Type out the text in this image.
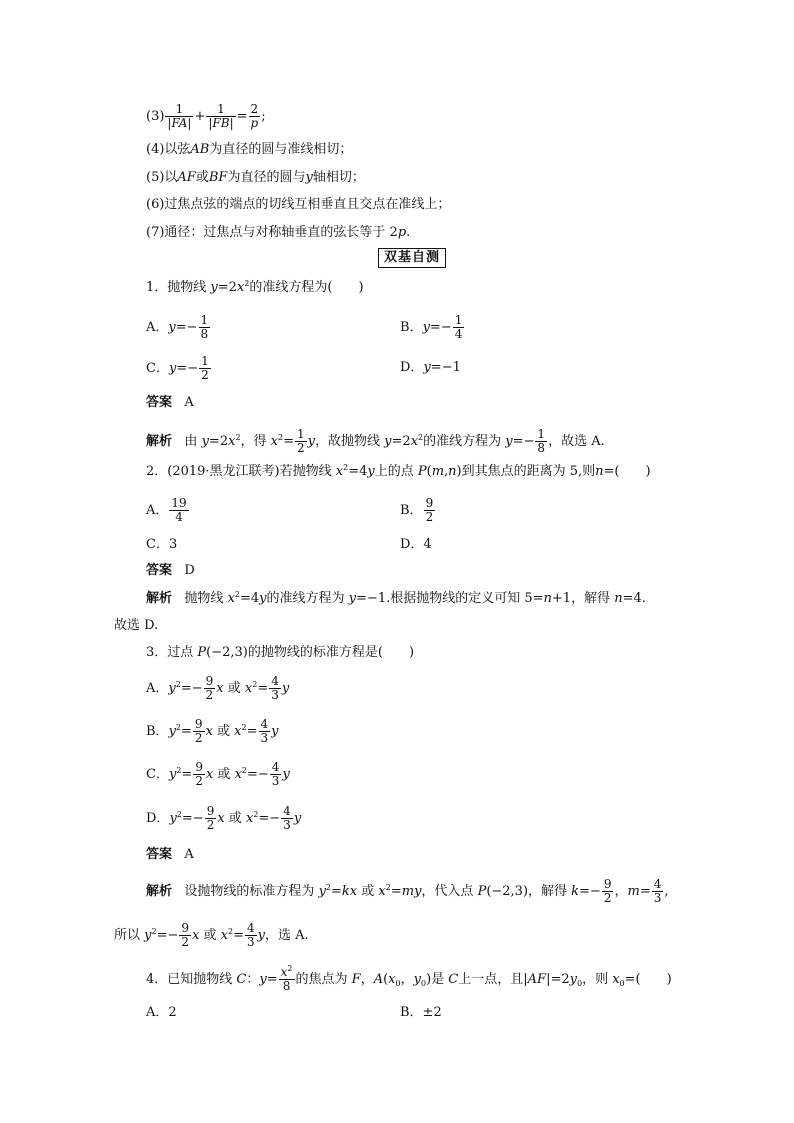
$(3) \frac{1}{|FA|} + \frac{1}{|FB|} = \frac{2}{p}$ ;
(4)以弦AB为直径的圆与准线相切；
(5)以AF或BF为直径的圆与y轴相切；
(6)过焦点弦的端点的切线互相垂直且交点在准线上；
(7)通径：过焦点与对称轴垂直的弦长等于 2p.
双基自测
1．抛物线 $y=2x^2$的准线方程为(　　)
A．$y=- \frac{1}{8}$	B．$y=- \frac{1}{4}$
C．$y=- \frac{1}{2}$	D．y=−1
答案 A
解析 由 $y=2x^2$，得 $x^2= \frac{1}{2}$ y，故抛物线 $y=2x^2$的准线方程为 $y=- \frac{1}{8}$ ，故选 A.
2．(2019·黑龙江联考)若抛物线 $x^2=4y$上的点 P(m,n)到其焦点的距离为 5,则n=(　　)
A． $\frac{19}{4}$	B． $\frac{9}{2}$
C．3	D．4
答案 D
解析 抛物线 $x^2=4y$的准线方程为 y=−1.根据抛物线的定义可知 5=n+1，解得 n=4.
故选 D.
3．过点 P(−2,3)的抛物线的标准方程是(　　)
A．$y^2=- \frac{9}{2}$ x 或 $x^2= \frac{4}{3}$ y
B．$y^2= \frac{9}{2}$ x 或 $x^2= \frac{4}{3}$ y
C．$y^2= \frac{9}{2}$ x 或 $x^2=- \frac{4}{3}$ y
D．$y^2=- \frac{9}{2}$ x 或 $x^2=- \frac{4}{3}$ y
答案 A
解析 设抛物线的标准方程为 $y^2=kx$ 或 $x^2=my$，代入点 P(−2,3)，解得 $k=- \frac{9}{2}$ ，$m= \frac{4}{3}$ ,
所以 $y^2=- \frac{9}{2}$ x 或 $x^2= \frac{4}{3}$ y，选 A.
4．已知抛物线 C：$y= \frac{x^2}{8}$ 的焦点为 F，$A(x_0$，$y_0$)是 C上一点，且$|AF|=2y_0$，则 $x_0=$(　　)
A．2	B．±2
